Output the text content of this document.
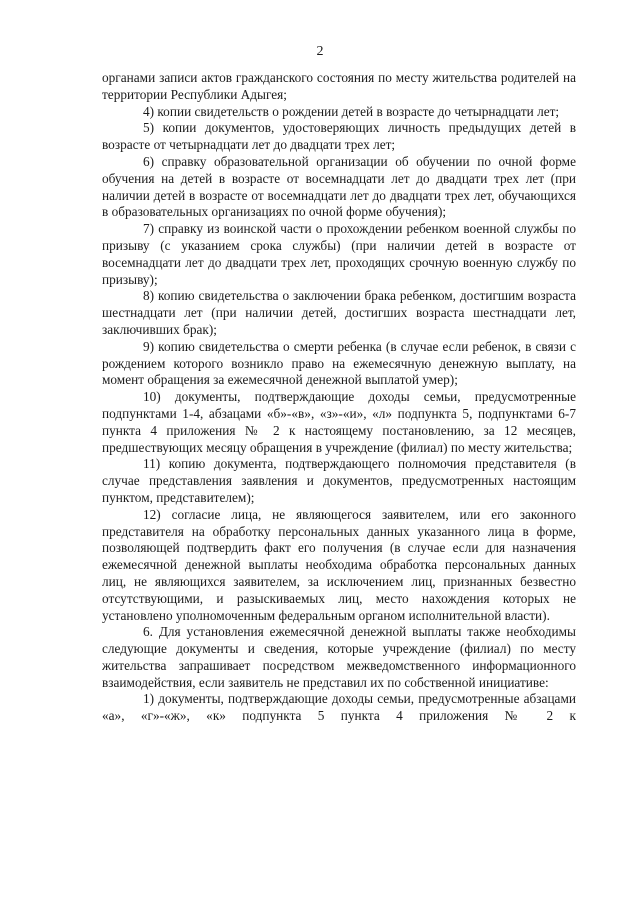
2

органами записи актов гражданского состояния по месту жительства родителей на территории Республики Адыгея;

4) копии свидетельств о рождении детей в возрасте до четырнадцати лет;

5) копии документов, удостоверяющих личность предыдущих детей в возрасте от четырнадцати лет до двадцати трех лет;

6) справку образовательной организации об обучении по очной форме обучения на детей в возрасте от восемнадцати лет до двадцати трех лет (при наличии детей в возрасте от восемнадцати лет до двадцати трех лет, обучающихся в образовательных организациях по очной форме обучения);

7) справку из воинской части о прохождении ребенком военной службы по призыву (с указанием срока службы) (при наличии детей в возрасте от восемнадцати лет до двадцати трех лет, проходящих срочную военную службу по призыву);

8) копию свидетельства о заключении брака ребенком, достигшим возраста шестнадцати лет (при наличии детей, достигших возраста шестнадцати лет, заключивших брак);

9) копию свидетельства о смерти ребенка (в случае если ребенок, в связи с рождением которого возникло право на ежемесячную денежную выплату, на момент обращения за ежемесячной денежной выплатой умер);

10) документы, подтверждающие доходы семьи, предусмотренные подпунктами 1-4, абзацами «б»-«в», «з»-«и», «л» подпункта 5, подпунктами 6-7 пункта 4 приложения № 2 к настоящему постановлению, за 12 месяцев, предшествующих месяцу обращения в учреждение (филиал) по месту жительства;

11) копию документа, подтверждающего полномочия представителя (в случае представления заявления и документов, предусмотренных настоящим пунктом, представителем);

12) согласие лица, не являющегося заявителем, или его законного представителя на обработку персональных данных указанного лица в форме, позволяющей подтвердить факт его получения (в случае если для назначения ежемесячной денежной выплаты необходима обработка персональных данных лиц, не являющихся заявителем, за исключением лиц, признанных безвестно отсутствующими, и разыскиваемых лиц, место нахождения которых не установлено уполномоченным федеральным органом исполнительной власти).

6. Для установления ежемесячной денежной выплаты также необходимы следующие документы и сведения, которые учреждение (филиал) по месту жительства запрашивает посредством межведомственного информационного взаимодействия, если заявитель не представил их по собственной инициативе:

1) документы, подтверждающие доходы семьи, предусмотренные абзацами «а», «г»-«ж», «к» подпункта 5 пункта 4 приложения № 2 к
